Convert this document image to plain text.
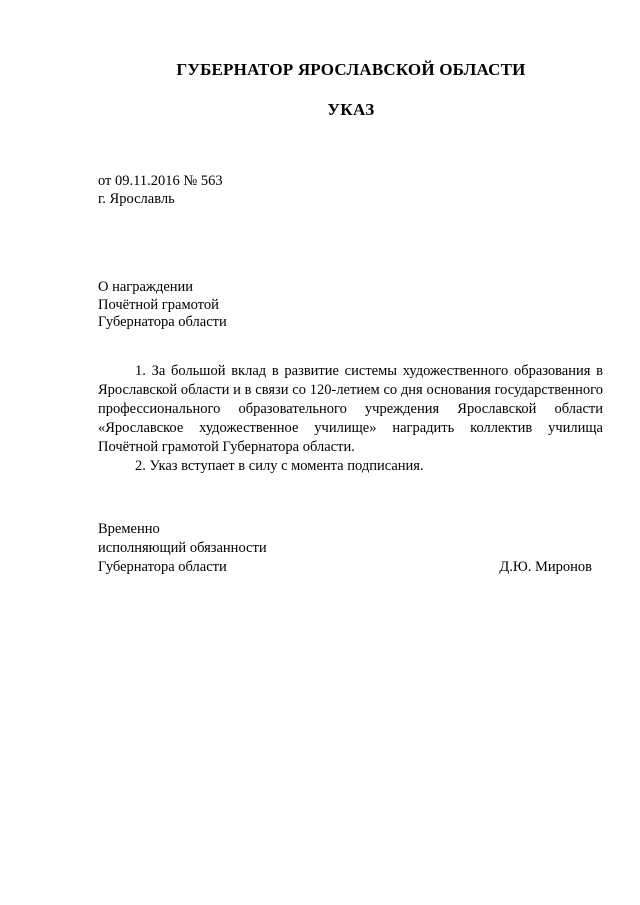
ГУБЕРНАТОР ЯРОСЛАВСКОЙ ОБЛАСТИ
УКАЗ
от 09.11.2016 № 563
г. Ярославль
О награждении
Почётной грамотой
Губернатора области

1. За большой вклад в развитие системы художественного образования в Ярославской области и в связи со 120-летием со дня основания государственного профессионального образовательного учреждения Ярославской области «Ярославское художественное училище» наградить коллектив училища Почётной грамотой Губернатора области.

2. Указ вступает в силу с момента подписания.

Временно
исполняющий обязанности
Губернатора области	Д.Ю. Миронов
